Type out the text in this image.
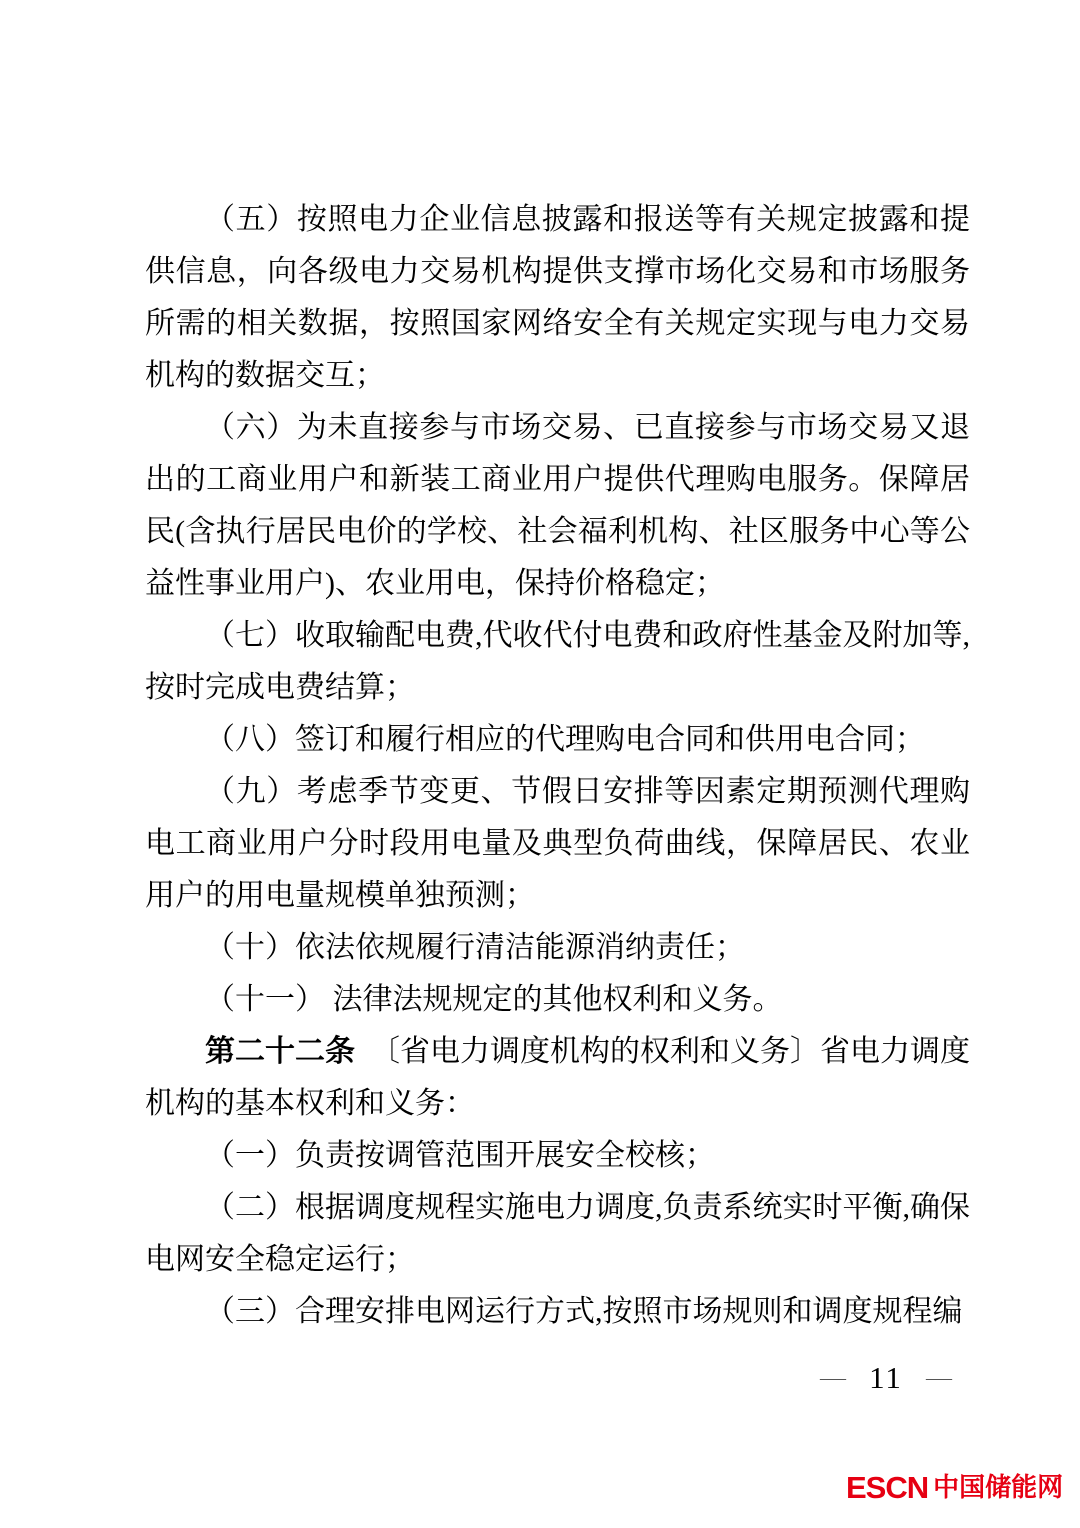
（五）按照电力企业信息披露和报送等有关规定披露和提供信息，向各级电力交易机构提供支撑市场化交易和市场服务所需的相关数据，按照国家网络安全有关规定实现与电力交易机构的数据交互；

（六）为未直接参与市场交易、已直接参与市场交易又退出的工商业用户和新装工商业用户提供代理购电服务。保障居民(含执行居民电价的学校、社会福利机构、社区服务中心等公益性事业用户)、农业用电，保持价格稳定；

（七）收取输配电费,代收代付电费和政府性基金及附加等,按时完成电费结算；

（八）签订和履行相应的代理购电合同和供用电合同；

（九）考虑季节变更、节假日安排等因素定期预测代理购电工商业用户分时段用电量及典型负荷曲线，保障居民、农业用户的用电量规模单独预测；

（十）依法依规履行清洁能源消纳责任；

（十一） 法律法规规定的其他权利和义务。

第二十二条　〔省电力调度机构的权利和义务〕省电力调度机构的基本权利和义务：

（一）负责按调管范围开展安全校核；

（二）根据调度规程实施电力调度,负责系统实时平衡,确保电网安全稳定运行；

（三）合理安排电网运行方式,按照市场规则和调度规程编

— 11 —
ESCN 中国储能网
